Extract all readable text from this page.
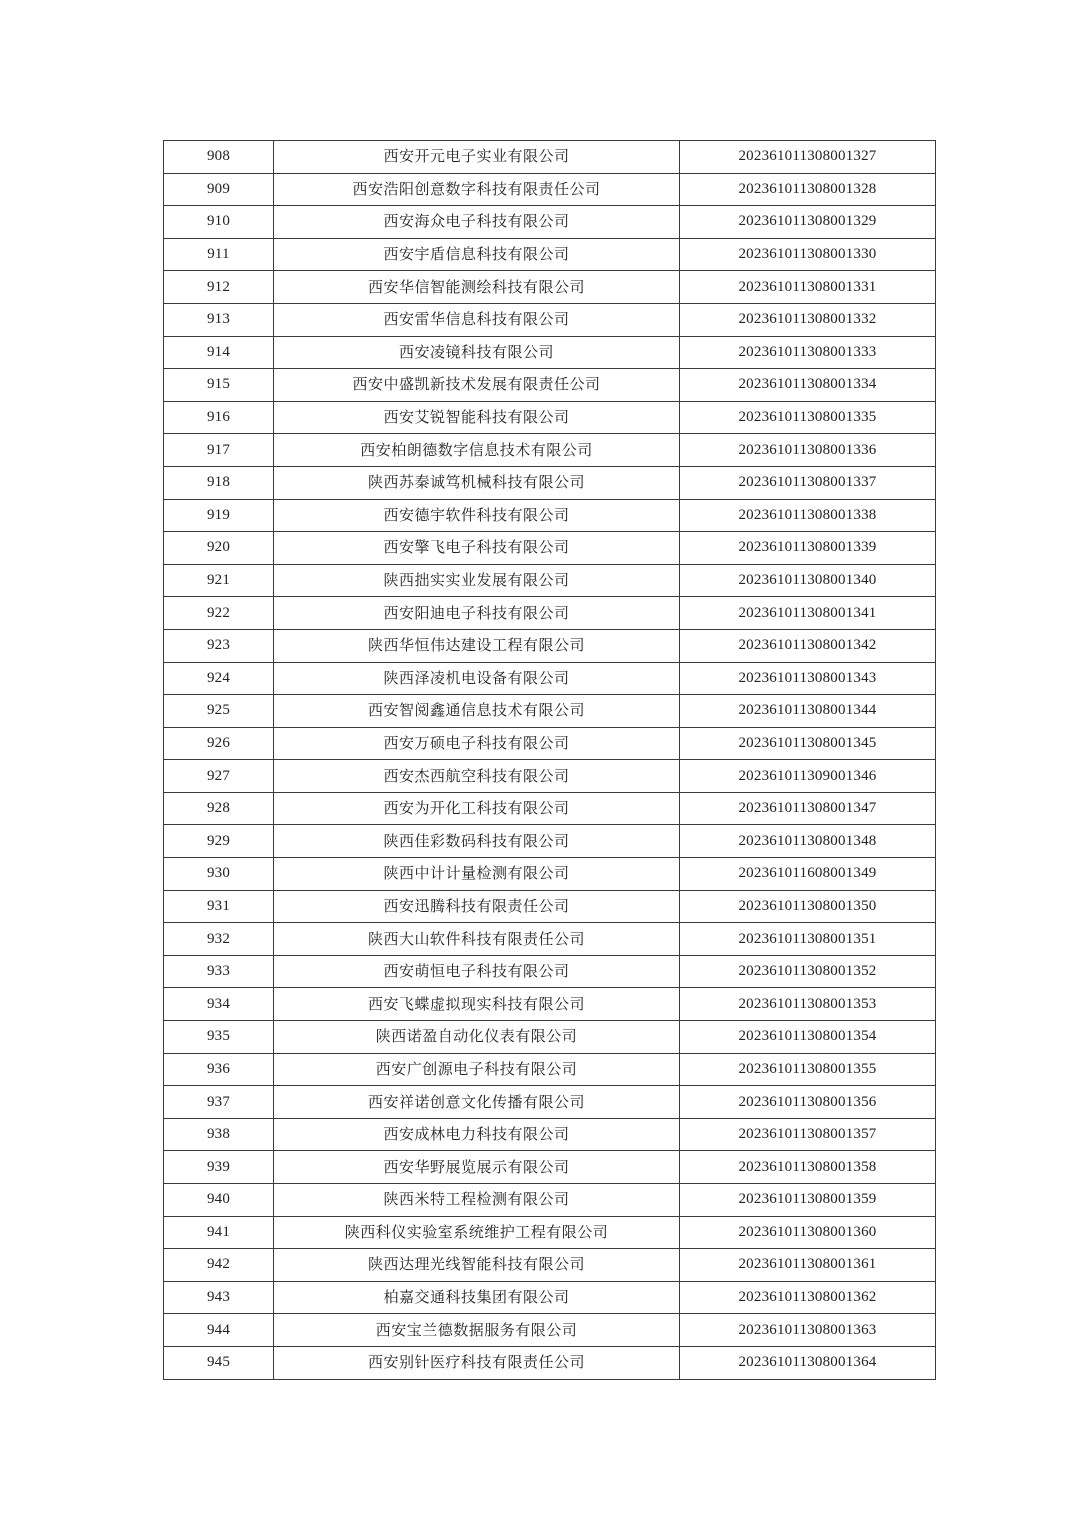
908	西安开元电子实业有限公司	202361011308001327
909	西安浩阳创意数字科技有限责任公司	202361011308001328
910	西安海众电子科技有限公司	202361011308001329
911	西安宇盾信息科技有限公司	202361011308001330
912	西安华信智能测绘科技有限公司	202361011308001331
913	西安雷华信息科技有限公司	202361011308001332
914	西安凌镜科技有限公司	202361011308001333
915	西安中盛凯新技术发展有限责任公司	202361011308001334
916	西安艾锐智能科技有限公司	202361011308001335
917	西安柏朗德数字信息技术有限公司	202361011308001336
918	陕西苏秦诚笃机械科技有限公司	202361011308001337
919	西安德宇软件科技有限公司	202361011308001338
920	西安擎飞电子科技有限公司	202361011308001339
921	陕西拙实实业发展有限公司	202361011308001340
922	西安阳迪电子科技有限公司	202361011308001341
923	陕西华恒伟达建设工程有限公司	202361011308001342
924	陕西泽凌机电设备有限公司	202361011308001343
925	西安智阅鑫通信息技术有限公司	202361011308001344
926	西安万硕电子科技有限公司	202361011308001345
927	西安杰西航空科技有限公司	202361011309001346
928	西安为开化工科技有限公司	202361011308001347
929	陕西佳彩数码科技有限公司	202361011308001348
930	陕西中计计量检测有限公司	202361011608001349
931	西安迅腾科技有限责任公司	202361011308001350
932	陕西大山软件科技有限责任公司	202361011308001351
933	西安萌恒电子科技有限公司	202361011308001352
934	西安飞蝶虚拟现实科技有限公司	202361011308001353
935	陕西诺盈自动化仪表有限公司	202361011308001354
936	西安广创源电子科技有限公司	202361011308001355
937	西安祥诺创意文化传播有限公司	202361011308001356
938	西安成林电力科技有限公司	202361011308001357
939	西安华野展览展示有限公司	202361011308001358
940	陕西米特工程检测有限公司	202361011308001359
941	陕西科仪实验室系统维护工程有限公司	202361011308001360
942	陕西达理光线智能科技有限公司	202361011308001361
943	柏嘉交通科技集团有限公司	202361011308001362
944	西安宝兰德数据服务有限公司	202361011308001363
945	西安别针医疗科技有限责任公司	202361011308001364
